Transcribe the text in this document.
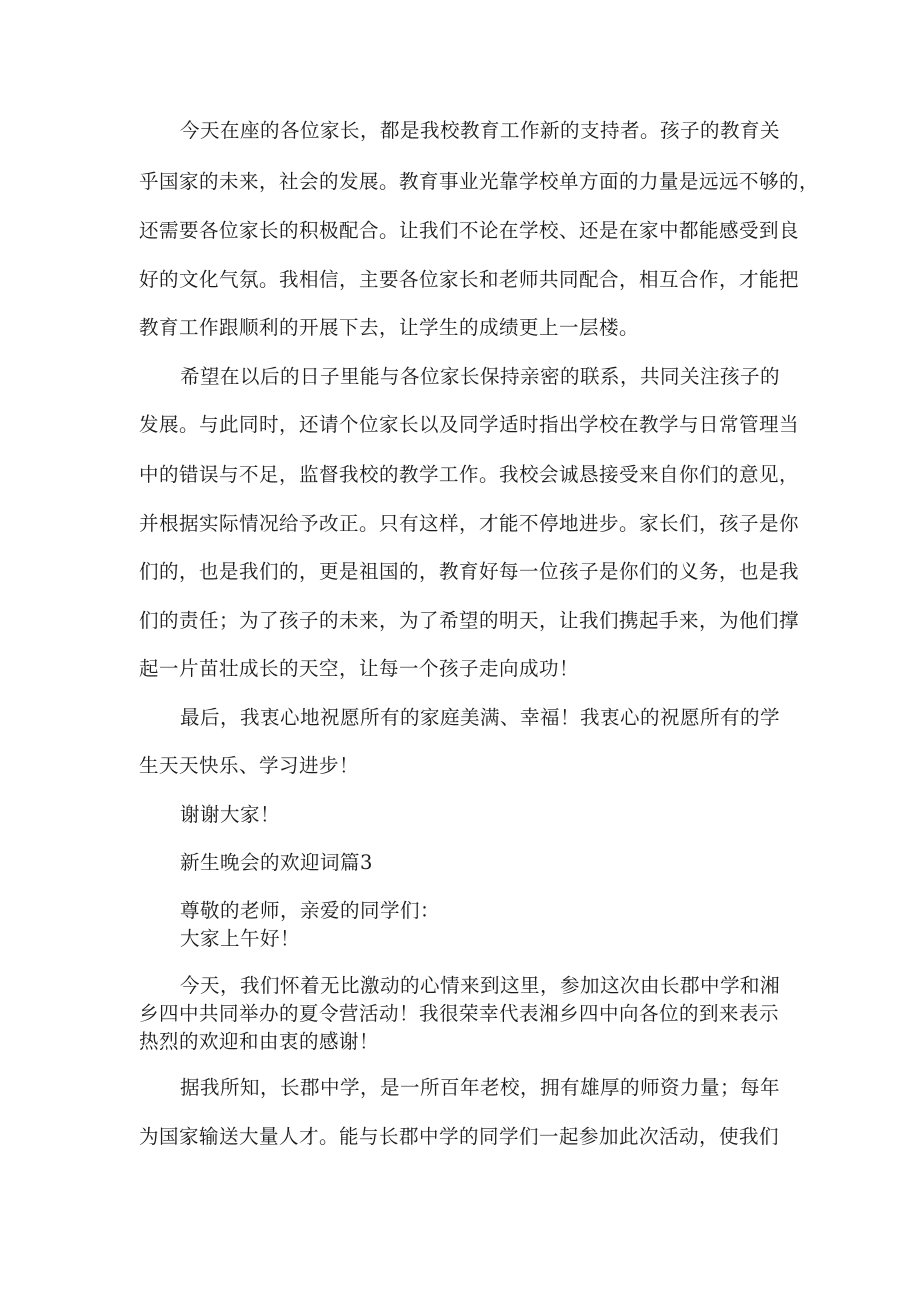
今天在座的各位家长，都是我校教育工作新的支持者。孩子的教育关
乎国家的未来，社会的发展。教育事业光靠学校单方面的力量是远远不够的，
还需要各位家长的积极配合。让我们不论在学校、还是在家中都能感受到良
好的文化气氛。我相信，主要各位家长和老师共同配合，相互合作，才能把
教育工作跟顺利的开展下去，让学生的成绩更上一层楼。
希望在以后的日子里能与各位家长保持亲密的联系，共同关注孩子的
发展。与此同时，还请个位家长以及同学适时指出学校在教学与日常管理当
中的错误与不足，监督我校的教学工作。我校会诚恳接受来自你们的意见，
并根据实际情况给予改正。只有这样，才能不停地进步。家长们，孩子是你
们的，也是我们的，更是祖国的，教育好每一位孩子是你们的义务，也是我
们的责任；为了孩子的未来，为了希望的明天，让我们携起手来，为他们撑
起一片苗壮成长的天空，让每一个孩子走向成功！
最后，我衷心地祝愿所有的家庭美满、幸福！我衷心的祝愿所有的学
生天天快乐、学习进步！
谢谢大家！
新生晚会的欢迎词篇3
尊敬的老师，亲爱的同学们：
大家上午好！
今天，我们怀着无比激动的心情来到这里，参加这次由长郡中学和湘
乡四中共同举办的夏令营活动！我很荣幸代表湘乡四中向各位的到来表示
热烈的欢迎和由衷的感谢！
据我所知，长郡中学，是一所百年老校，拥有雄厚的师资力量；每年
为国家输送大量人才。能与长郡中学的同学们一起参加此次活动，使我们
